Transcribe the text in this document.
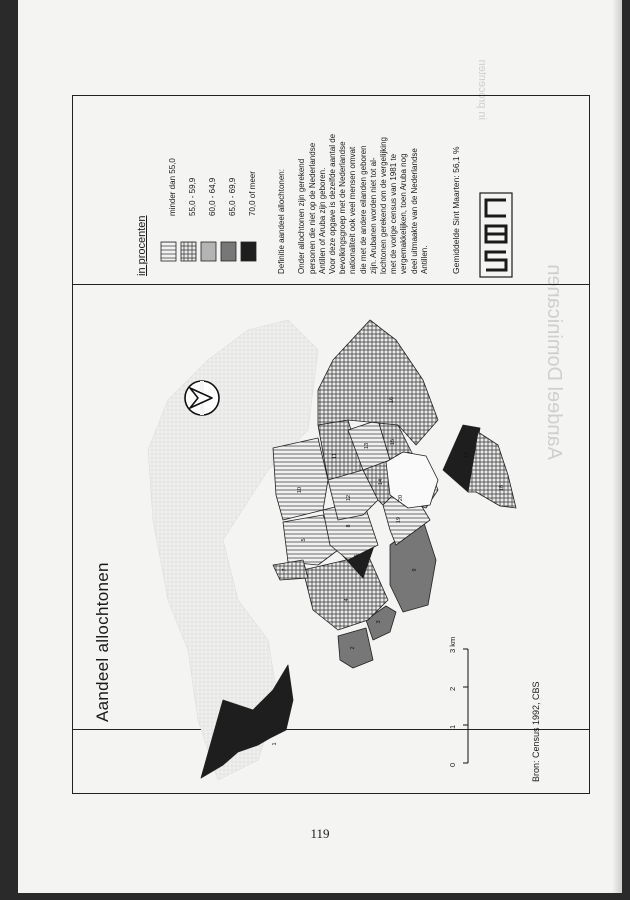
Aandeel Dominicanen
in procenten
Aandeel allochtonen
Bron: Census 1992, CBS
in procenten
minder dan 55,0 55,0 - 59,9 60,0 - 64,9 65,0 - 69,9 70,0 of meer	Definitie aandeel allochtonen:
Onder allochtonen zijn gerekend personen die niet op de Nederlandse Antillen of Aruba zijn geboren. Voor deze opgave is dezelfde aantal de bevolkingsgroep met de Nederlandse nationaliteit ook veel mensen omvat die met de andere eilanden geboren zijn. Arubanen worden niet tot al- lochtonen gerekend om de vergelijking met de vorige census van 1981 te vergemakkelijken, toen Aruba nog deel uitmaakte van de Nederlandse Antillen.	Gemiddelde Sint Maarten: 56,1 %
1
2
3
4
5
6
7
8
9
10
11
12
13
14
15
16
17
18
19
20
119
0
1
2
3 km
